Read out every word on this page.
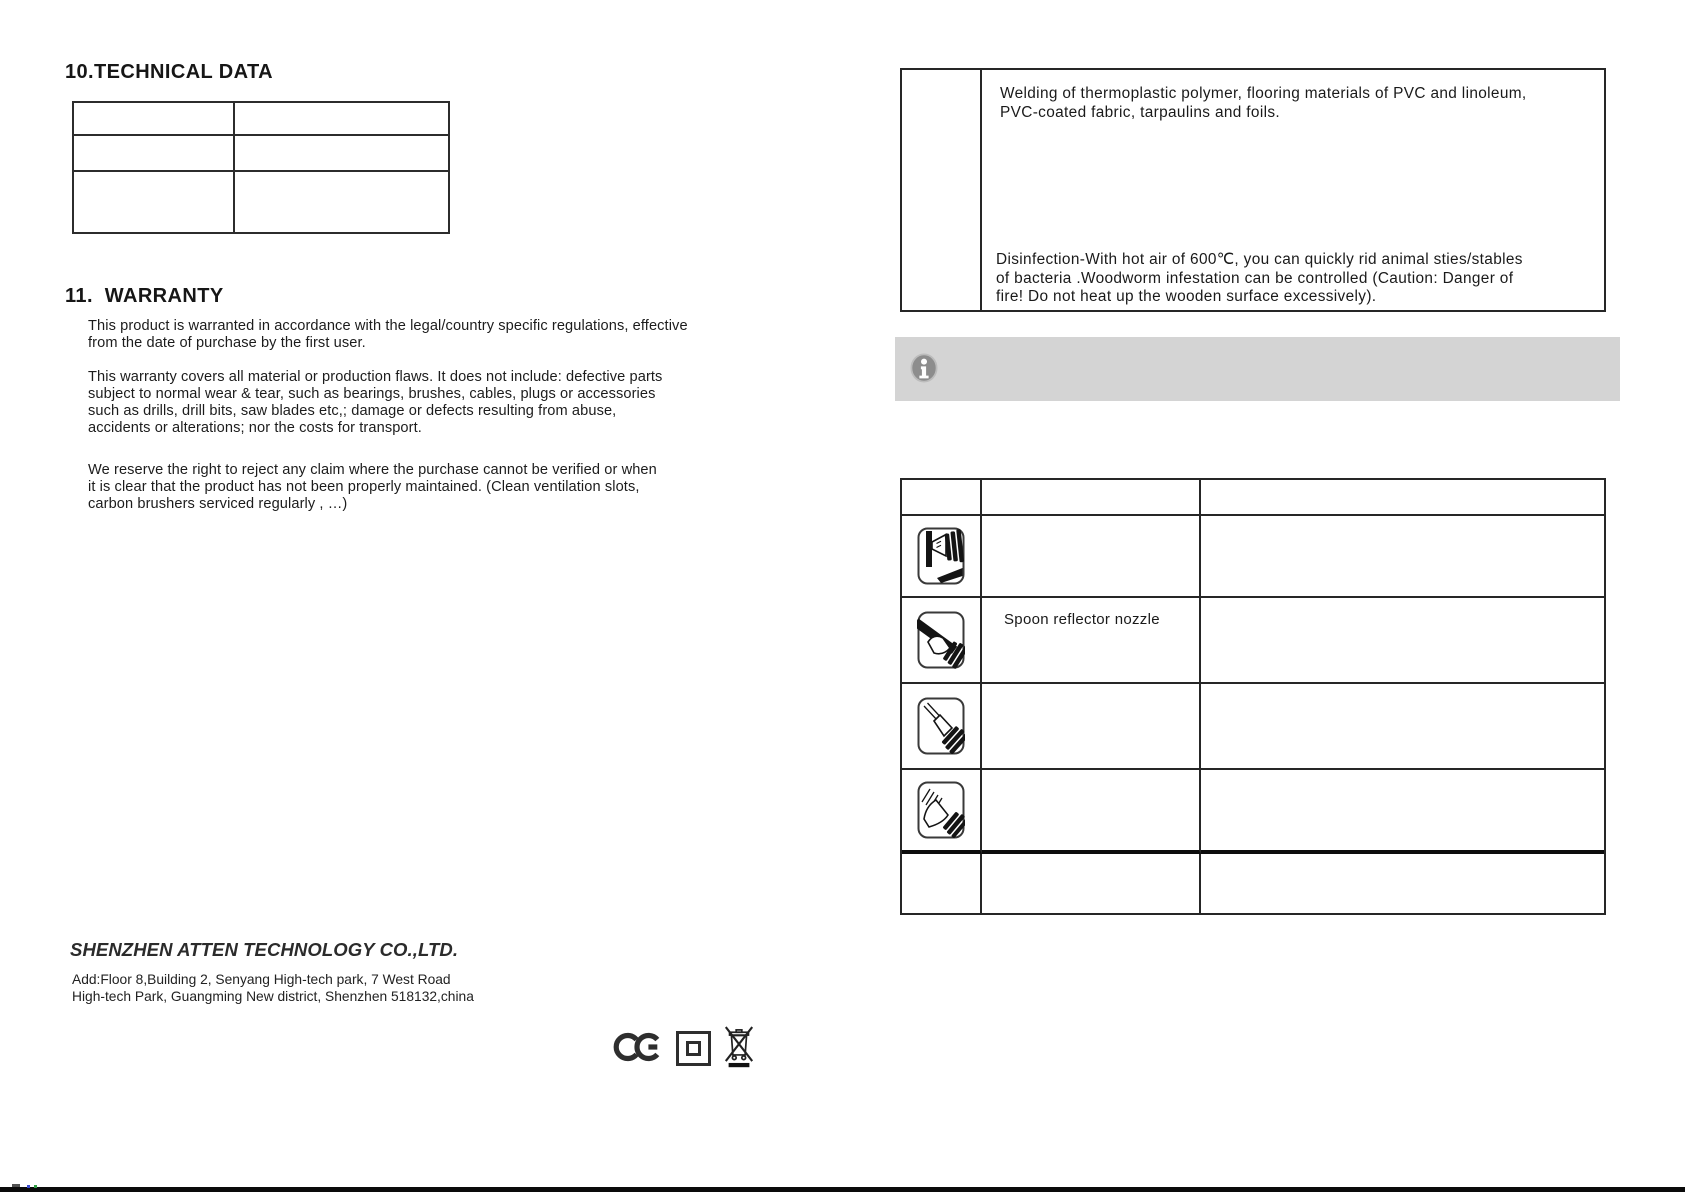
10.TECHNICAL DATA
11.  WARRANTY
This product is warranted in accordance with the legal/country specific regulations, effective
from the date of purchase by the first user.
This warranty covers all material or production flaws. It does not include: defective parts
subject to normal wear & tear, such as bearings, brushes, cables, plugs or accessories
such as drills, drill bits, saw blades etc,; damage or defects resulting from abuse,
accidents or alterations; nor the costs for transport.
We reserve the right to reject any claim where the purchase cannot be verified or when
it is clear that the product has not been properly maintained. (Clean ventilation slots,
carbon brushers serviced regularly , …)
Welding of thermoplastic polymer, flooring materials of PVC and linoleum,
PVC-coated fabric, tarpaulins and foils.
Disinfection-With hot air of 600℃, you can quickly rid animal sties/stables
of bacteria .Woodworm infestation can be controlled (Caution: Danger of
fire! Do not heat up the wooden surface excessively).
Spoon reflector nozzle
SHENZHEN ATTEN TECHNOLOGY CO.,LTD.
Add:Floor 8,Building 2, Senyang High-tech park, 7 West Road
High-tech Park, Guangming New district, Shenzhen 518132,china
